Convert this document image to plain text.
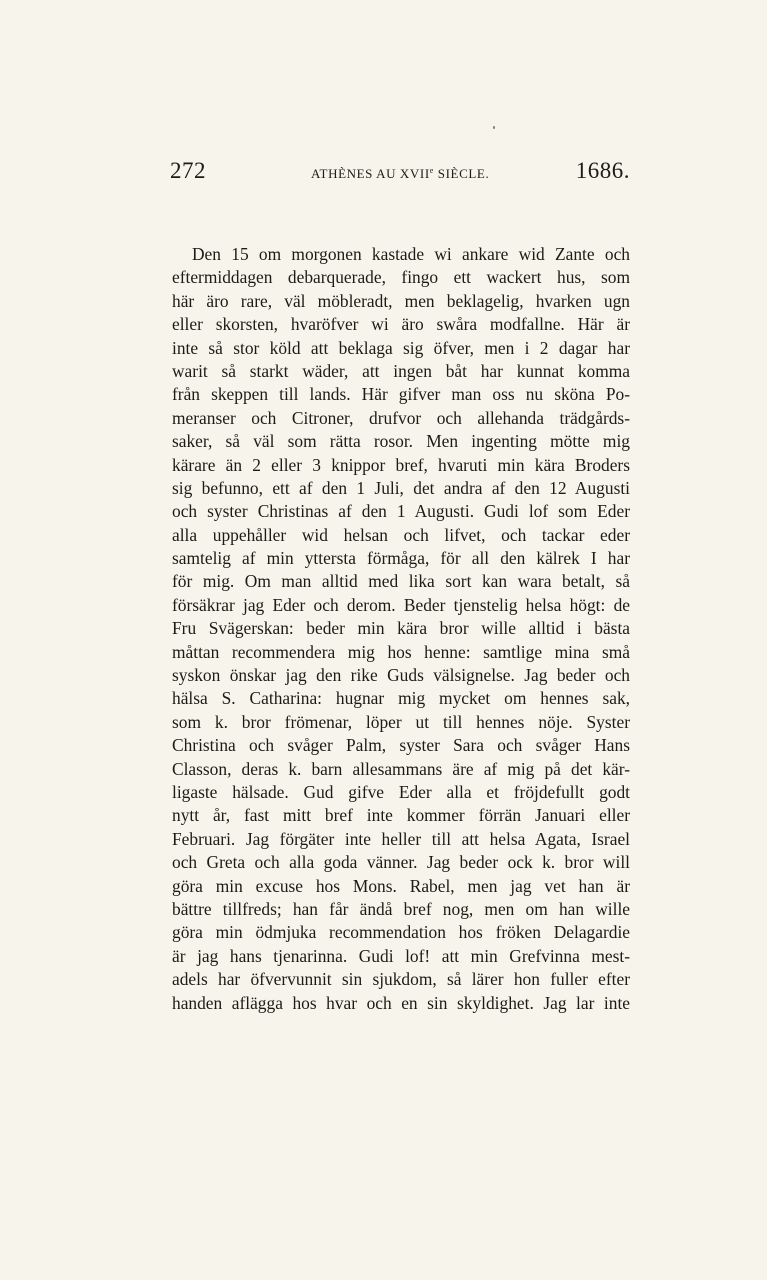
272	ATHÈNES AU XVIIe SIÈCLE.	1686.
Den 15 om morgonen kastade wi ankare wid Zante och
eftermiddagen debarquerade, fingo ett wackert hus, som
här äro rare, väl möbleradt, men beklagelig, hvarken ugn
eller skorsten, hvaröfver wi äro swåra modfallne. Här är
inte så stor köld att beklaga sig öfver, men i 2 dagar har
warit så starkt wäder, att ingen båt har kunnat komma
från skeppen till lands. Här gifver man oss nu sköna Po-
meranser och Citroner, drufvor och allehanda trädgårds-
saker, så väl som rätta rosor. Men ingenting mötte mig
kärare än 2 eller 3 knippor bref, hvaruti min kära Broders
sig befunno, ett af den 1 Juli, det andra af den 12 Augusti
och syster Christinas af den 1 Augusti. Gudi lof som Eder
alla uppehåller wid helsan och lifvet, och tackar eder
samtelig af min yttersta förmåga, för all den kälrek I har
för mig. Om man alltid med lika sort kan wara betalt, så
försäkrar jag Eder och derom. Beder tjenstelig helsa högt: de
Fru Svägerskan: beder min kära bror wille alltid i bästa
måttan recommendera mig hos henne: samtlige mina små
syskon önskar jag den rike Guds välsignelse. Jag beder och
hälsa S. Catharina: hugnar mig mycket om hennes sak,
som k. bror frömenar, löper ut till hennes nöje. Syster
Christina och svåger Palm, syster Sara och svåger Hans
Classon, deras k. barn allesammans äre af mig på det kär-
ligaste hälsade. Gud gifve Eder alla et fröjdefullt godt
nytt år, fast mitt bref inte kommer förrän Januari eller
Februari. Jag förgäter inte heller till att helsa Agata, Israel
och Greta och alla goda vänner. Jag beder ock k. bror will
göra min excuse hos Mons. Rabel, men jag vet han är
bättre tillfreds; han får ändå bref nog, men om han wille
göra min ödmjuka recommendation hos fröken Delagardie
är jag hans tjenarinna. Gudi lof! att min Grefvinna mest-
adels har öfvervunnit sin sjukdom, så lärer hon fuller efter
handen aflägga hos hvar och en sin skyldighet. Jag lar inte
